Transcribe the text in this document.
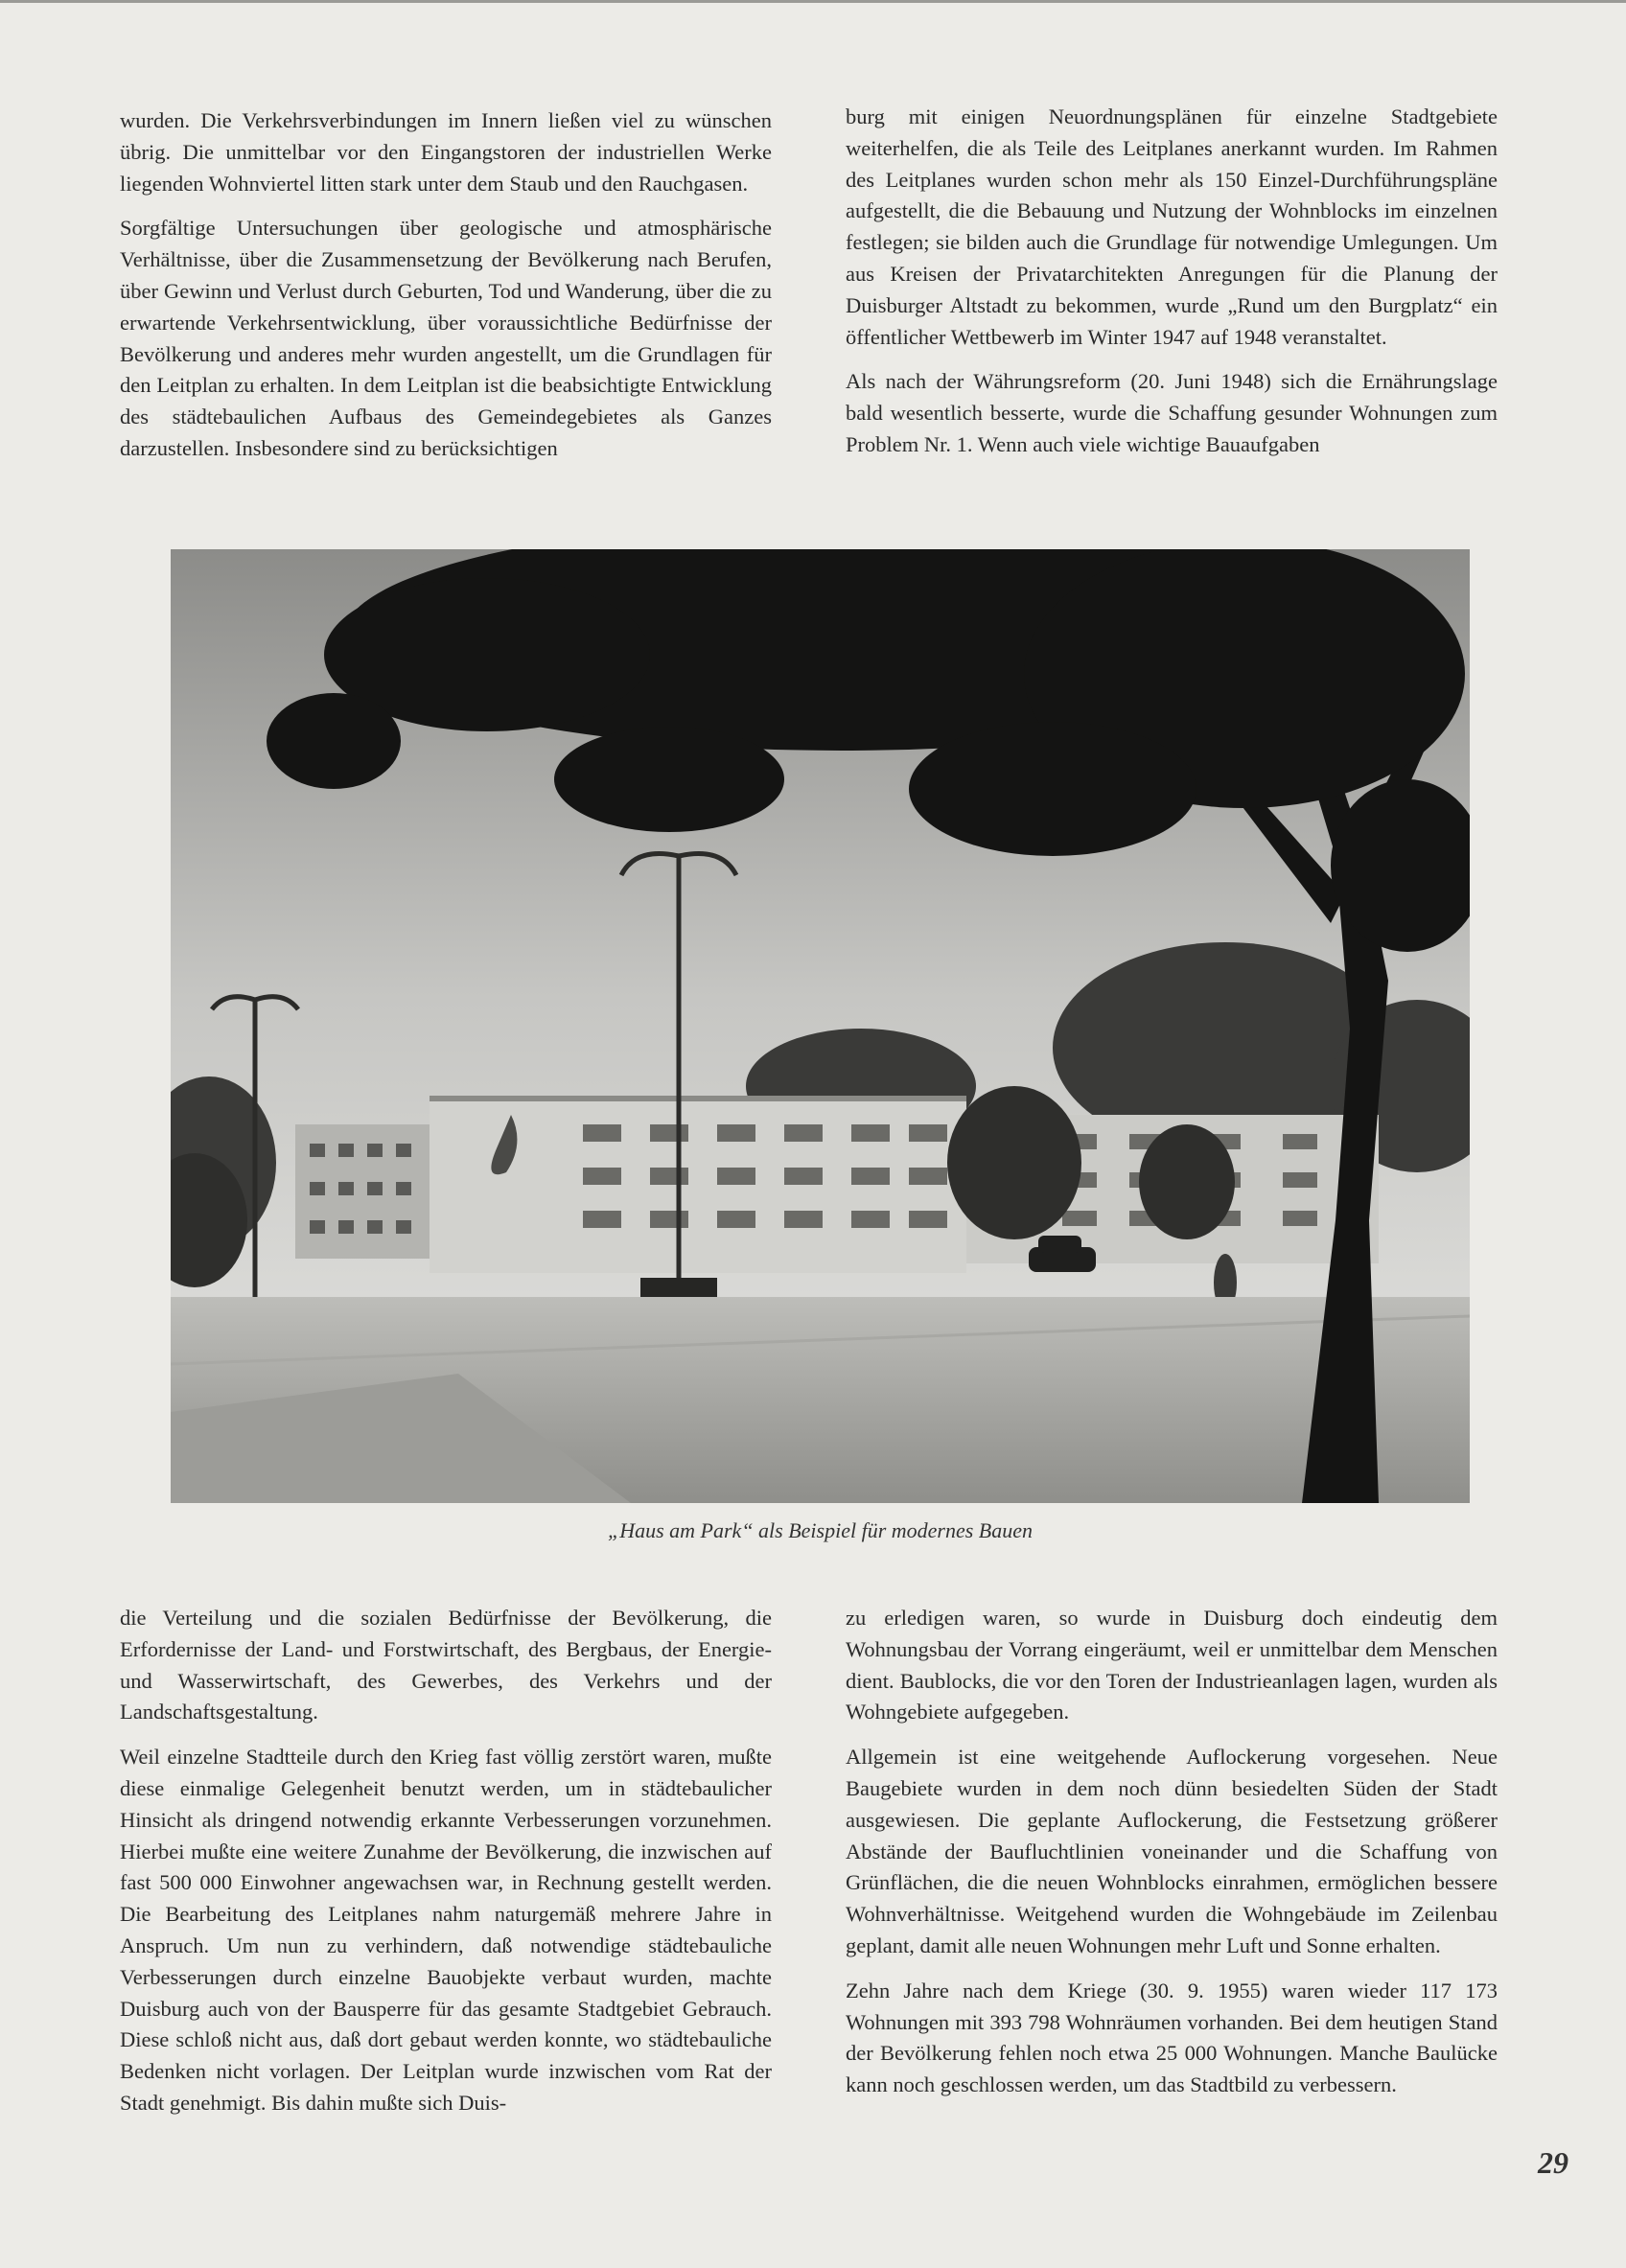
wurden. Die Verkehrsverbindungen im Innern ließen viel zu wünschen übrig. Die unmittelbar vor den Eingangstoren der industriellen Werke liegenden Wohnviertel litten stark unter dem Staub und den Rauchgasen.

Sorgfältige Untersuchungen über geologische und atmosphärische Verhältnisse, über die Zusammensetzung der Bevölkerung nach Berufen, über Gewinn und Verlust durch Geburten, Tod und Wanderung, über die zu erwartende Verkehrsentwicklung, über voraussichtliche Bedürfnisse der Bevölkerung und anderes mehr wurden angestellt, um die Grundlagen für den Leitplan zu erhalten. In dem Leitplan ist die beabsichtigte Entwicklung des städtebaulichen Aufbaus des Gemeindegebietes als Ganzes darzustellen. Insbesondere sind zu berücksichtigen

burg mit einigen Neuordnungsplänen für einzelne Stadtgebiete weiterhelfen, die als Teile des Leitplanes anerkannt wurden. Im Rahmen des Leitplanes wurden schon mehr als 150 Einzel-Durchführungspläne aufgestellt, die die Bebauung und Nutzung der Wohnblocks im einzelnen festlegen; sie bilden auch die Grundlage für notwendige Umlegungen. Um aus Kreisen der Privatarchitekten Anregungen für die Planung der Duisburger Altstadt zu bekommen, wurde „Rund um den Burgplatz“ ein öffentlicher Wettbewerb im Winter 1947 auf 1948 veranstaltet.

Als nach der Währungsreform (20. Juni 1948) sich die Ernährungslage bald wesentlich besserte, wurde die Schaffung gesunder Wohnungen zum Problem Nr. 1. Wenn auch viele wichtige Bauaufgaben

„Haus am Park“ als Beispiel für modernes Bauen

die Verteilung und die sozialen Bedürfnisse der Bevölkerung, die Erfordernisse der Land- und Forstwirtschaft, des Bergbaus, der Energie- und Wasserwirtschaft, des Gewerbes, des Verkehrs und der Landschaftsgestaltung.

Weil einzelne Stadtteile durch den Krieg fast völlig zerstört waren, mußte diese einmalige Gelegenheit benutzt werden, um in städtebaulicher Hinsicht als dringend notwendig erkannte Verbesserungen vorzunehmen. Hierbei mußte eine weitere Zunahme der Bevölkerung, die inzwischen auf fast 500 000 Einwohner angewachsen war, in Rechnung gestellt werden. Die Bearbeitung des Leitplanes nahm naturgemäß mehrere Jahre in Anspruch. Um nun zu verhindern, daß notwendige städtebauliche Verbesserungen durch einzelne Bauobjekte verbaut wurden, machte Duisburg auch von der Bausperre für das gesamte Stadtgebiet Gebrauch. Diese schloß nicht aus, daß dort gebaut werden konnte, wo städtebauliche Bedenken nicht vorlagen. Der Leitplan wurde inzwischen vom Rat der Stadt genehmigt. Bis dahin mußte sich Duis-

zu erledigen waren, so wurde in Duisburg doch eindeutig dem Wohnungsbau der Vorrang eingeräumt, weil er unmittelbar dem Menschen dient. Baublocks, die vor den Toren der Industrieanlagen lagen, wurden als Wohngebiete aufgegeben.

Allgemein ist eine weitgehende Auflockerung vorgesehen. Neue Baugebiete wurden in dem noch dünn besiedelten Süden der Stadt ausgewiesen. Die geplante Auflockerung, die Festsetzung größerer Abstände der Baufluchtlinien voneinander und die Schaffung von Grünflächen, die die neuen Wohnblocks einrahmen, ermöglichen bessere Wohnverhältnisse. Weitgehend wurden die Wohngebäude im Zeilenbau geplant, damit alle neuen Wohnungen mehr Luft und Sonne erhalten.

Zehn Jahre nach dem Kriege (30. 9. 1955) waren wieder 117 173 Wohnungen mit 393 798 Wohnräumen vorhanden. Bei dem heutigen Stand der Bevölkerung fehlen noch etwa 25 000 Wohnungen. Manche Baulücke kann noch geschlossen werden, um das Stadtbild zu verbessern.

29
